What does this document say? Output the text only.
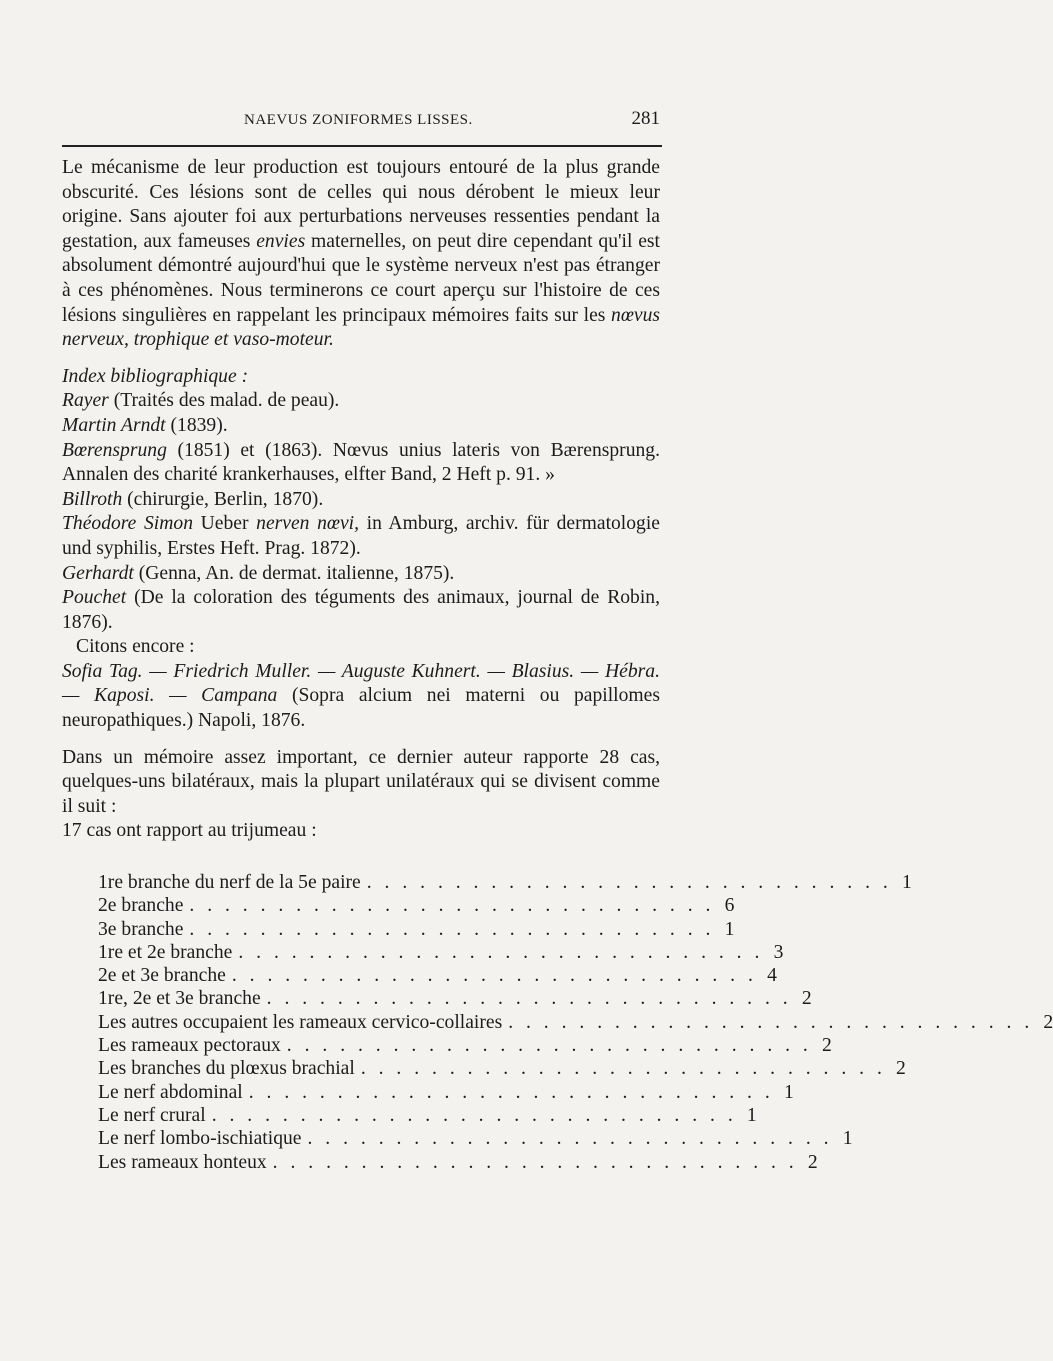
NAEVUS ZONIFORMES LISSES.	281

Le mécanisme de leur production est toujours entouré de la plus grande obscurité. Ces lésions sont de celles qui nous dérobent le mieux leur origine. Sans ajouter foi aux perturbations nerveuses ressenties pendant la gestation, aux fameuses envies maternelles, on peut dire cependant qu'il est absolument démontré aujourd'hui que le système nerveux n'est pas étranger à ces phénomènes. Nous terminerons ce court aperçu sur l'histoire de ces lésions singulières en rappelant les principaux mémoires faits sur les nœvus nerveux, trophique et vaso-moteur.

Index bibliographique :

Rayer (Traités des malad. de peau).

Martin Arndt (1839).

Bœrensprung (1851) et (1863). Nœvus unius lateris von Bærensprung. Annalen des charité krankerhauses, elfter Band, 2 Heft p. 91. »

Billroth (chirurgie, Berlin, 1870).

Théodore Simon Ueber nerven nœvi, in Amburg, archiv. für dermatologie und syphilis, Erstes Heft. Prag. 1872).

Gerhardt (Genna, An. de dermat. italienne, 1875).

Pouchet (De la coloration des téguments des animaux, journal de Robin, 1876).

Citons encore :

Sofia Tag. — Friedrich Muller. — Auguste Kuhnert. — Blasius. — Hébra. — Kaposi. — Campana (Sopra alcium nei materni ou papillomes neuropathiques.) Napoli, 1876.

Dans un mémoire assez important, ce dernier auteur rapporte 28 cas, quelques-uns bilatéraux, mais la plupart unilatéraux qui se divisent comme il suit :

17 cas ont rapport au trijumeau :

1re branche du nerf de la 5e paire . . . . . . . . . . . . . . . . . . . . . . . . . . . . . . 1
2e branche . . . . . . . . . . . . . . . . . . . . . . . . . . . . . . 6
3e branche . . . . . . . . . . . . . . . . . . . . . . . . . . . . . . 1
1re et 2e branche . . . . . . . . . . . . . . . . . . . . . . . . . . . . . . 3
2e et 3e branche . . . . . . . . . . . . . . . . . . . . . . . . . . . . . . 4
1re, 2e et 3e branche . . . . . . . . . . . . . . . . . . . . . . . . . . . . . . 2
Les autres occupaient les rameaux cervico-collaires . . . . . . . . . . . . . . . . . . . . . . . . . . . . . . 2
Les rameaux pectoraux . . . . . . . . . . . . . . . . . . . . . . . . . . . . . . 2
Les branches du plœxus brachial . . . . . . . . . . . . . . . . . . . . . . . . . . . . . . 2
Le nerf abdominal . . . . . . . . . . . . . . . . . . . . . . . . . . . . . . 1
Le nerf crural . . . . . . . . . . . . . . . . . . . . . . . . . . . . . . 1
Le nerf lombo-ischiatique . . . . . . . . . . . . . . . . . . . . . . . . . . . . . . 1
Les rameaux honteux . . . . . . . . . . . . . . . . . . . . . . . . . . . . . . 2
